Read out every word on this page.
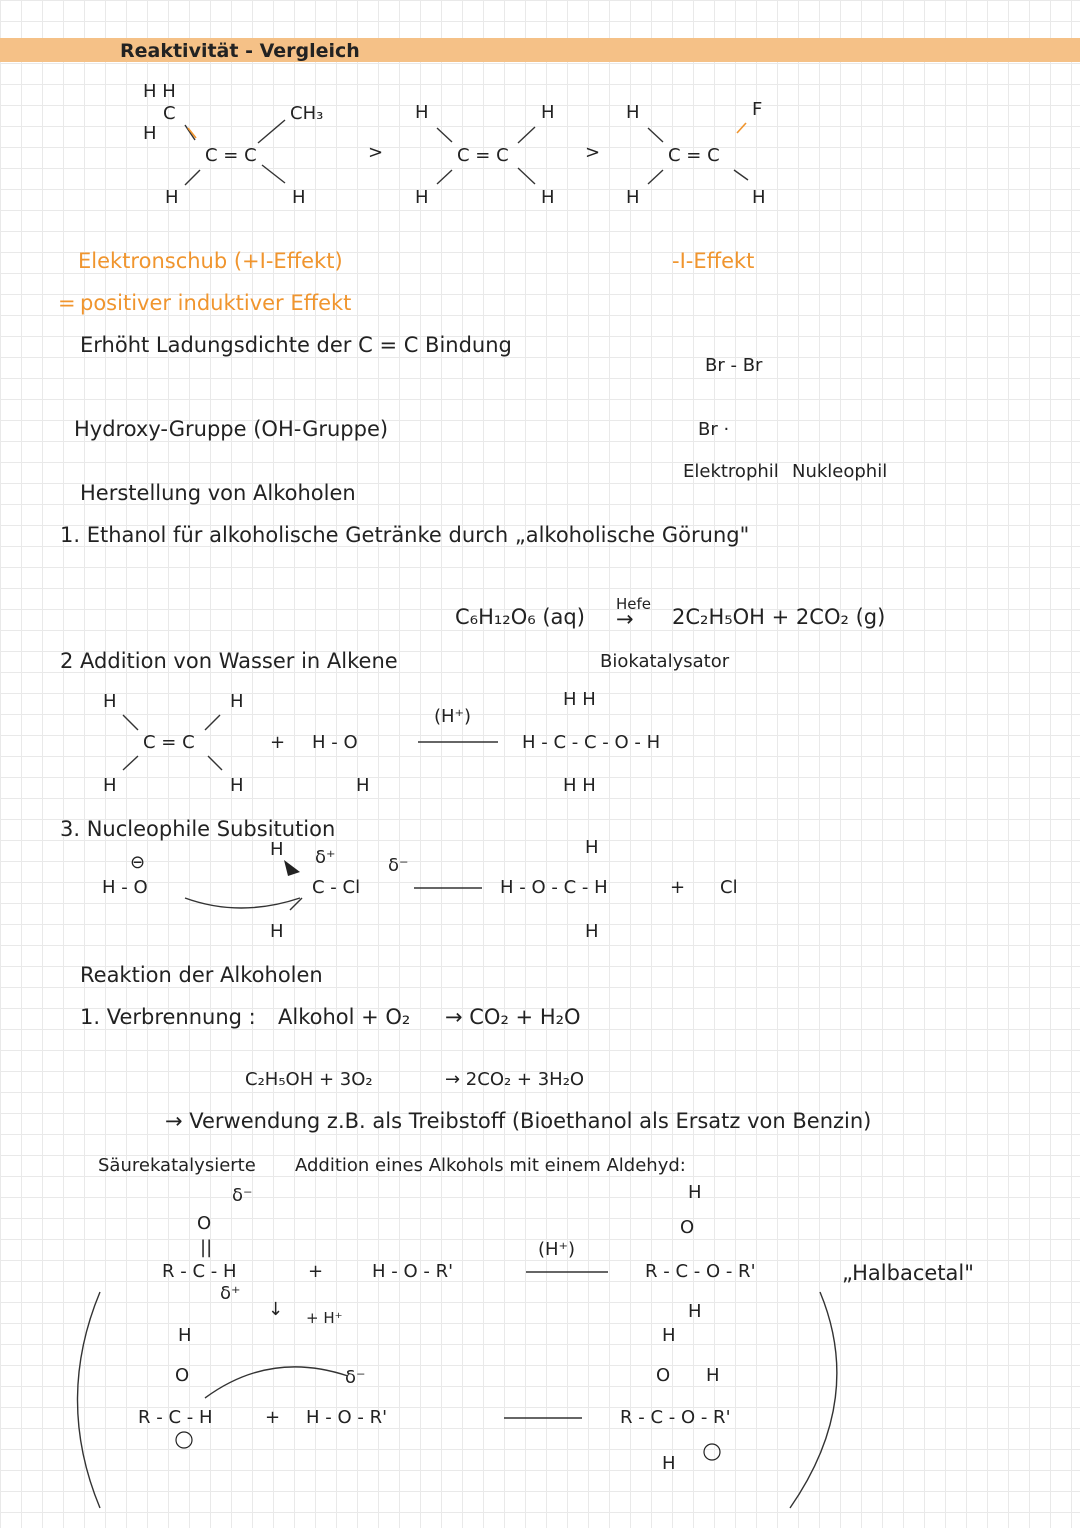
Reaktivität - Vergleich
H H
C
H
C = C
CH₃
H	H
>
H	H
C = C
H	H
>
H	F
C = C
H	H
Elektronschub (+I-Effekt)
= positiver induktiver Effekt
Erhöht Ladungsdichte der C = C Bindung
-I-Effekt
Br - Br
Br ·
Elektrophil Nukleophil
Hydroxy-Gruppe (OH-Gruppe)
Herstellung von Alkoholen
1. Ethanol für alkoholische Getränke durch „alkoholische Görung"
C₆H₁₂O₆ (aq)
Hefe
→ 2C₂H₅OH + 2CO₂ (g)
Biokatalysator
2 Addition von Wasser in Alkene
H	H
C = C
H	H
+ H - O
H
(H⁺)
H H
H - C - C - O - H
H H
3. Nucleophile Subsitution
⊖
H - O
H δ⁺	δ⁻
C - Cl
H
H
H - O - C - H
H
+ Cl
Reaktion der Alkoholen
1. Verbrennung : Alkohol + O₂ → CO₂ + H₂O
C₂H₅OH + 3O₂	→ 2CO₂ + 3H₂O
→ Verwendung z.B. als Treibstoff (Bioethanol als Ersatz von Benzin)
Säurekatalysierte Addition eines Alkohols mit einem Aldehyd:
δ⁻
O
||
R - C - H
δ⁺
+	H - O - R'
(H⁺)
H
O
R - C - O - R'
H
„Halbacetal"
↓ + H⁺
H
O
R - C - H	+ H - O - R'
δ⁻
H
O H
R - C - O - R'
H
